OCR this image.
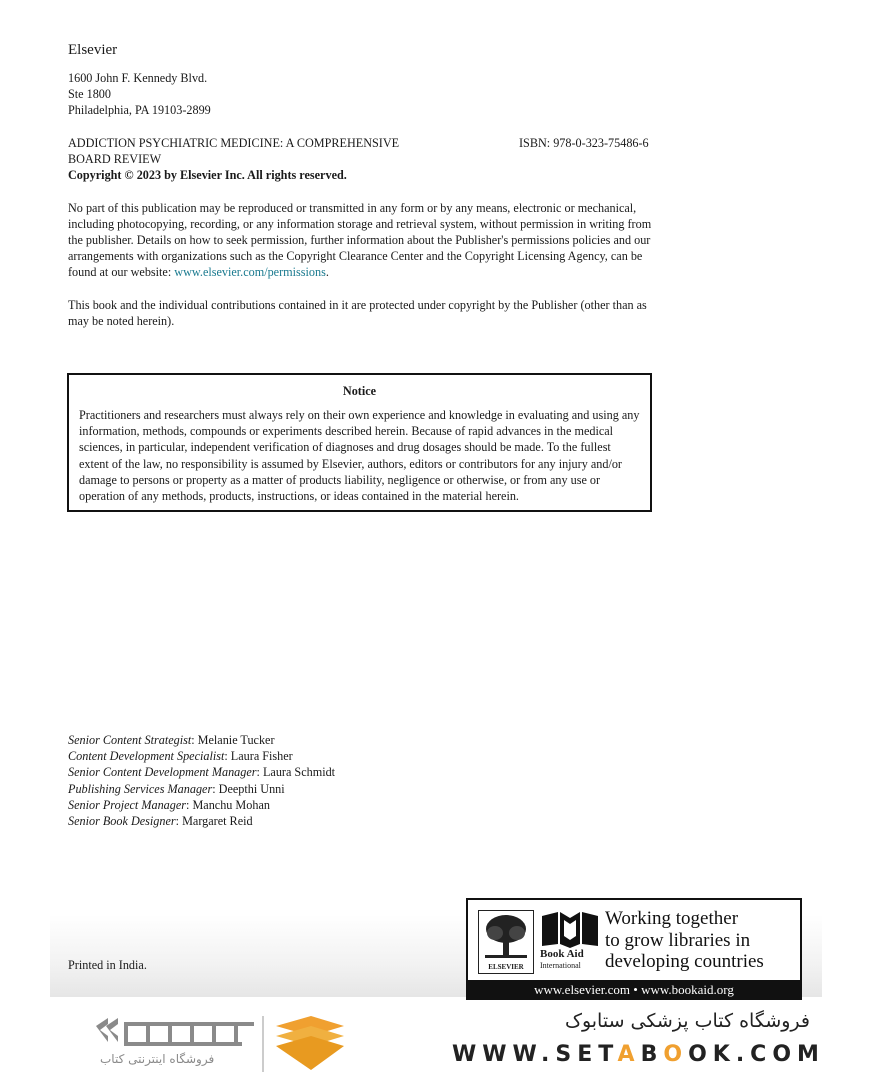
Elsevier
1600 John F. Kennedy Blvd.
Ste 1800
Philadelphia, PA 19103-2899
ADDICTION PSYCHIATRIC MEDICINE: A COMPREHENSIVE BOARD REVIEW
ISBN: 978-0-323-75486-6
Copyright © 2023 by Elsevier Inc. All rights reserved.
No part of this publication may be reproduced or transmitted in any form or by any means, electronic or mechanical, including photocopying, recording, or any information storage and retrieval system, without permission in writing from the publisher. Details on how to seek permission, further information about the Publisher's permissions policies and our arrangements with organizations such as the Copyright Clearance Center and the Copyright Licensing Agency, can be found at our website: www.elsevier.com/permissions.
This book and the individual contributions contained in it are protected under copyright by the Publisher (other than as may be noted herein).
Notice
Practitioners and researchers must always rely on their own experience and knowledge in evaluating and using any information, methods, compounds or experiments described herein. Because of rapid advances in the medical sciences, in particular, independent verification of diagnoses and drug dosages should be made. To the fullest extent of the law, no responsibility is assumed by Elsevier, authors, editors or contributors for any injury and/or damage to persons or property as a matter of products liability, negligence or otherwise, or from any use or operation of any methods, products, instructions, or ideas contained in the material herein.
Senior Content Strategist: Melanie Tucker
Content Development Specialist: Laura Fisher
Senior Content Development Manager: Laura Schmidt
Publishing Services Manager: Deepthi Unni
Senior Project Manager: Manchu Mohan
Senior Book Designer: Margaret Reid
Printed in India.	ELSEVIER
Book Aid
International
Working together
to grow libraries in
developing countries
www.elsevier.com • www.bookaid.org
فروشگاه اینترنتی کتاب
فروشگاه کتاب پزشکی ستابوک
WWW.SETABOOK.COM
